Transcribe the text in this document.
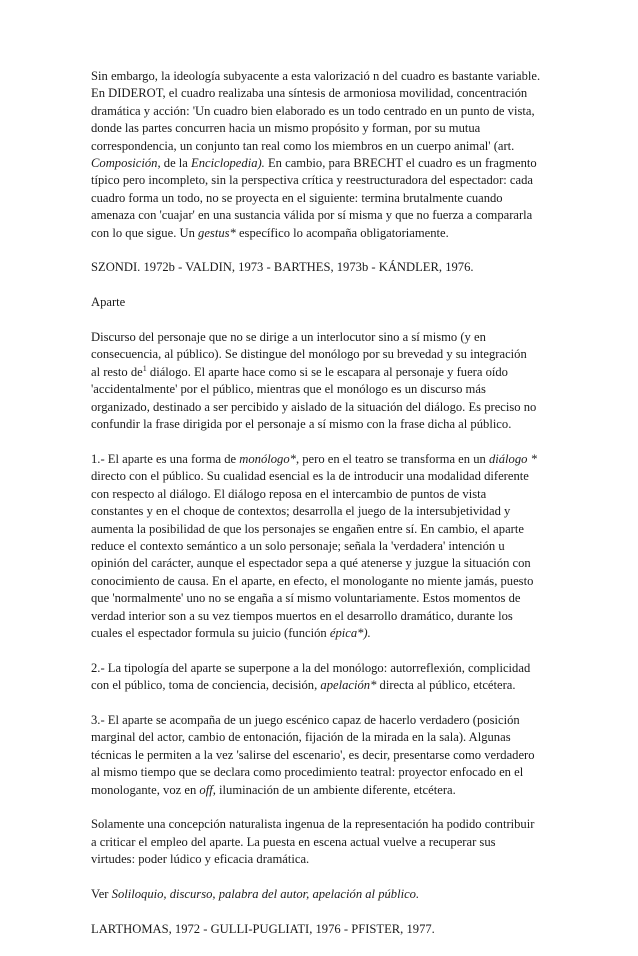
Sin embargo, la ideología subyacente a esta valorizació n del cuadro es bastante variable.
En DIDEROT, el cuadro realizaba una síntesis de armoniosa movilidad, concentración
dramática y acción: 'Un cuadro bien elaborado es un todo centrado en un punto de vista,
donde las partes concurren hacia un mismo propósito y forman, por su mutua
correspondencia, un conjunto tan real como los miembros en un cuerpo animal' (art.
Composición, de la Enciclopedia). En cambio, para BRECHT el cuadro es un fragmento
típico pero incompleto, sin la perspectiva crítica y reestructuradora del espectador: cada
cuadro forma un todo, no se proyecta en el siguiente: termina brutalmente cuando
amenaza con 'cuajar' en una sustancia válida por sí misma y que no fuerza a compararla
con lo que sigue. Un gestus* específico lo acompaña obligatoriamente.
SZONDI. 1972b - VALDIN, 1973 - BARTHES, 1973b - KÁNDLER, 1976.
Aparte
Discurso del personaje que no se dirige a un interlocutor sino a sí mismo (y en
consecuencia, al público). Se distingue del monólogo por su brevedad y su integración
al resto $de^1$ diálogo. El aparte hace como si se le escapara al personaje y fuera oído
'accidentalmente' por el público, mientras que el monólogo es un discurso más
organizado, destinado a ser percibido y aislado de la situación del diálogo. Es preciso no
confundir la frase dirigida por el personaje a sí mismo con la frase dicha al público.
1.- El aparte es una forma de monólogo*, pero en el teatro se transforma en un diálogo *
directo con el público. Su cualidad esencial es la de introducir una modalidad diferente
con respecto al diálogo. El diálogo reposa en el intercambio de puntos de vista
constantes y en el choque de contextos; desarrolla el juego de la intersubjetividad y
aumenta la posibilidad de que los personajes se engañen entre sí. En cambio, el aparte
reduce el contexto semántico a un solo personaje; señala la 'verdadera' intención u
opinión del carácter, aunque el espectador sepa a qué atenerse y juzgue la situación con
conocimiento de causa. En el aparte, en efecto, el monologante no miente jamás, puesto
que 'normalmente' uno no se engaña a sí mismo voluntariamente. Estos momentos de
verdad interior son a su vez tiempos muertos en el desarrollo dramático, durante los
cuales el espectador formula su juicio (función épica*).
2.- La tipología del aparte se superpone a la del monólogo: autorreflexión, complicidad
con el público, toma de conciencia, decisión, apelación* directa al público, etcétera.
3.- El aparte se acompaña de un juego escénico capaz de hacerlo verdadero (posición
marginal del actor, cambio de entonación, fijación de la mirada en la sala). Algunas
técnicas le permiten a la vez 'salirse del escenario', es decir, presentarse como verdadero
al mismo tiempo que se declara como procedimiento teatral: proyector enfocado en el
monologante, voz en off, iluminación de un ambiente diferente, etcétera.
Solamente una concepción naturalista ingenua de la representación ha podido contribuir
a criticar el empleo del aparte. La puesta en escena actual vuelve a recuperar sus
virtudes: poder lúdico y eficacia dramática.
Ver Soliloquio, discurso, palabra del autor, apelación al público.
LARTHOMAS, 1972 - GULLI-PUGLIATI, 1976 - PFISTER, 1977.
